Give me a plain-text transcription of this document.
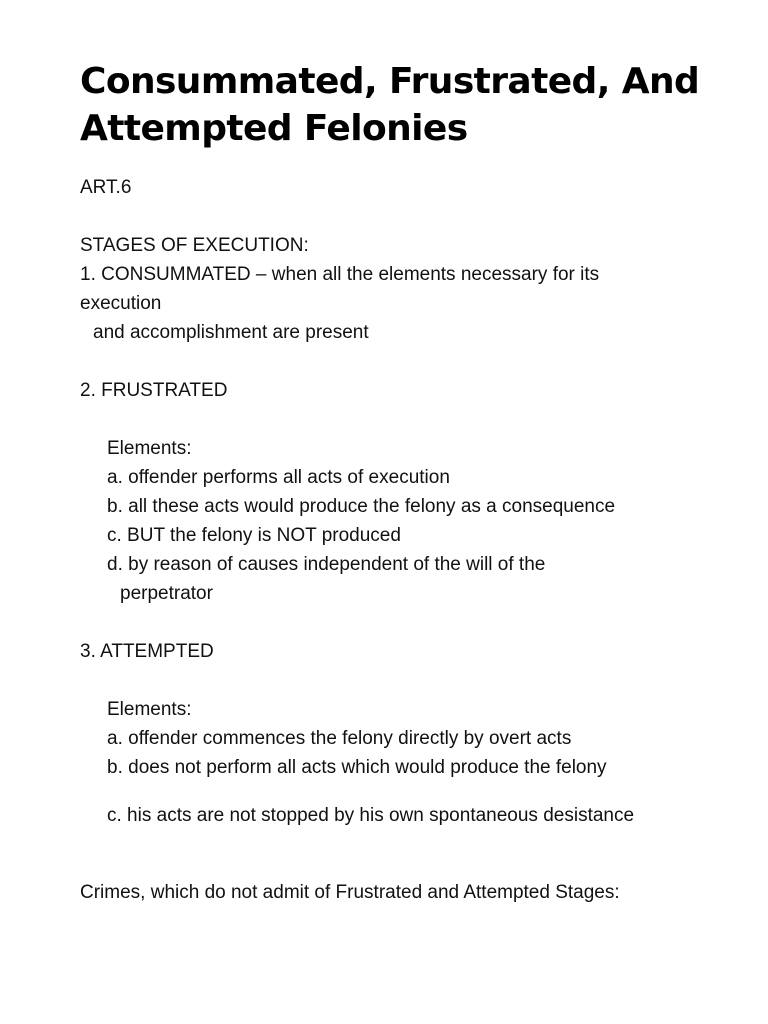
Consummated, Frustrated, And
Attempted Felonies

ART.6

STAGES OF EXECUTION:

1. CONSUMMATED – when all the elements necessary for its

execution

and accomplishment are present

2. FRUSTRATED

Elements:

a. offender performs all acts of execution

b. all these acts would produce the felony as a consequence

c. BUT the felony is NOT produced

d. by reason of causes independent of the will of the

perpetrator

3. ATTEMPTED

Elements:

a. offender commences the felony directly by overt acts

b. does not perform all acts which would produce the felony

c. his acts are not stopped by his own spontaneous desistance

Crimes, which do not admit of Frustrated and Attempted Stages:
